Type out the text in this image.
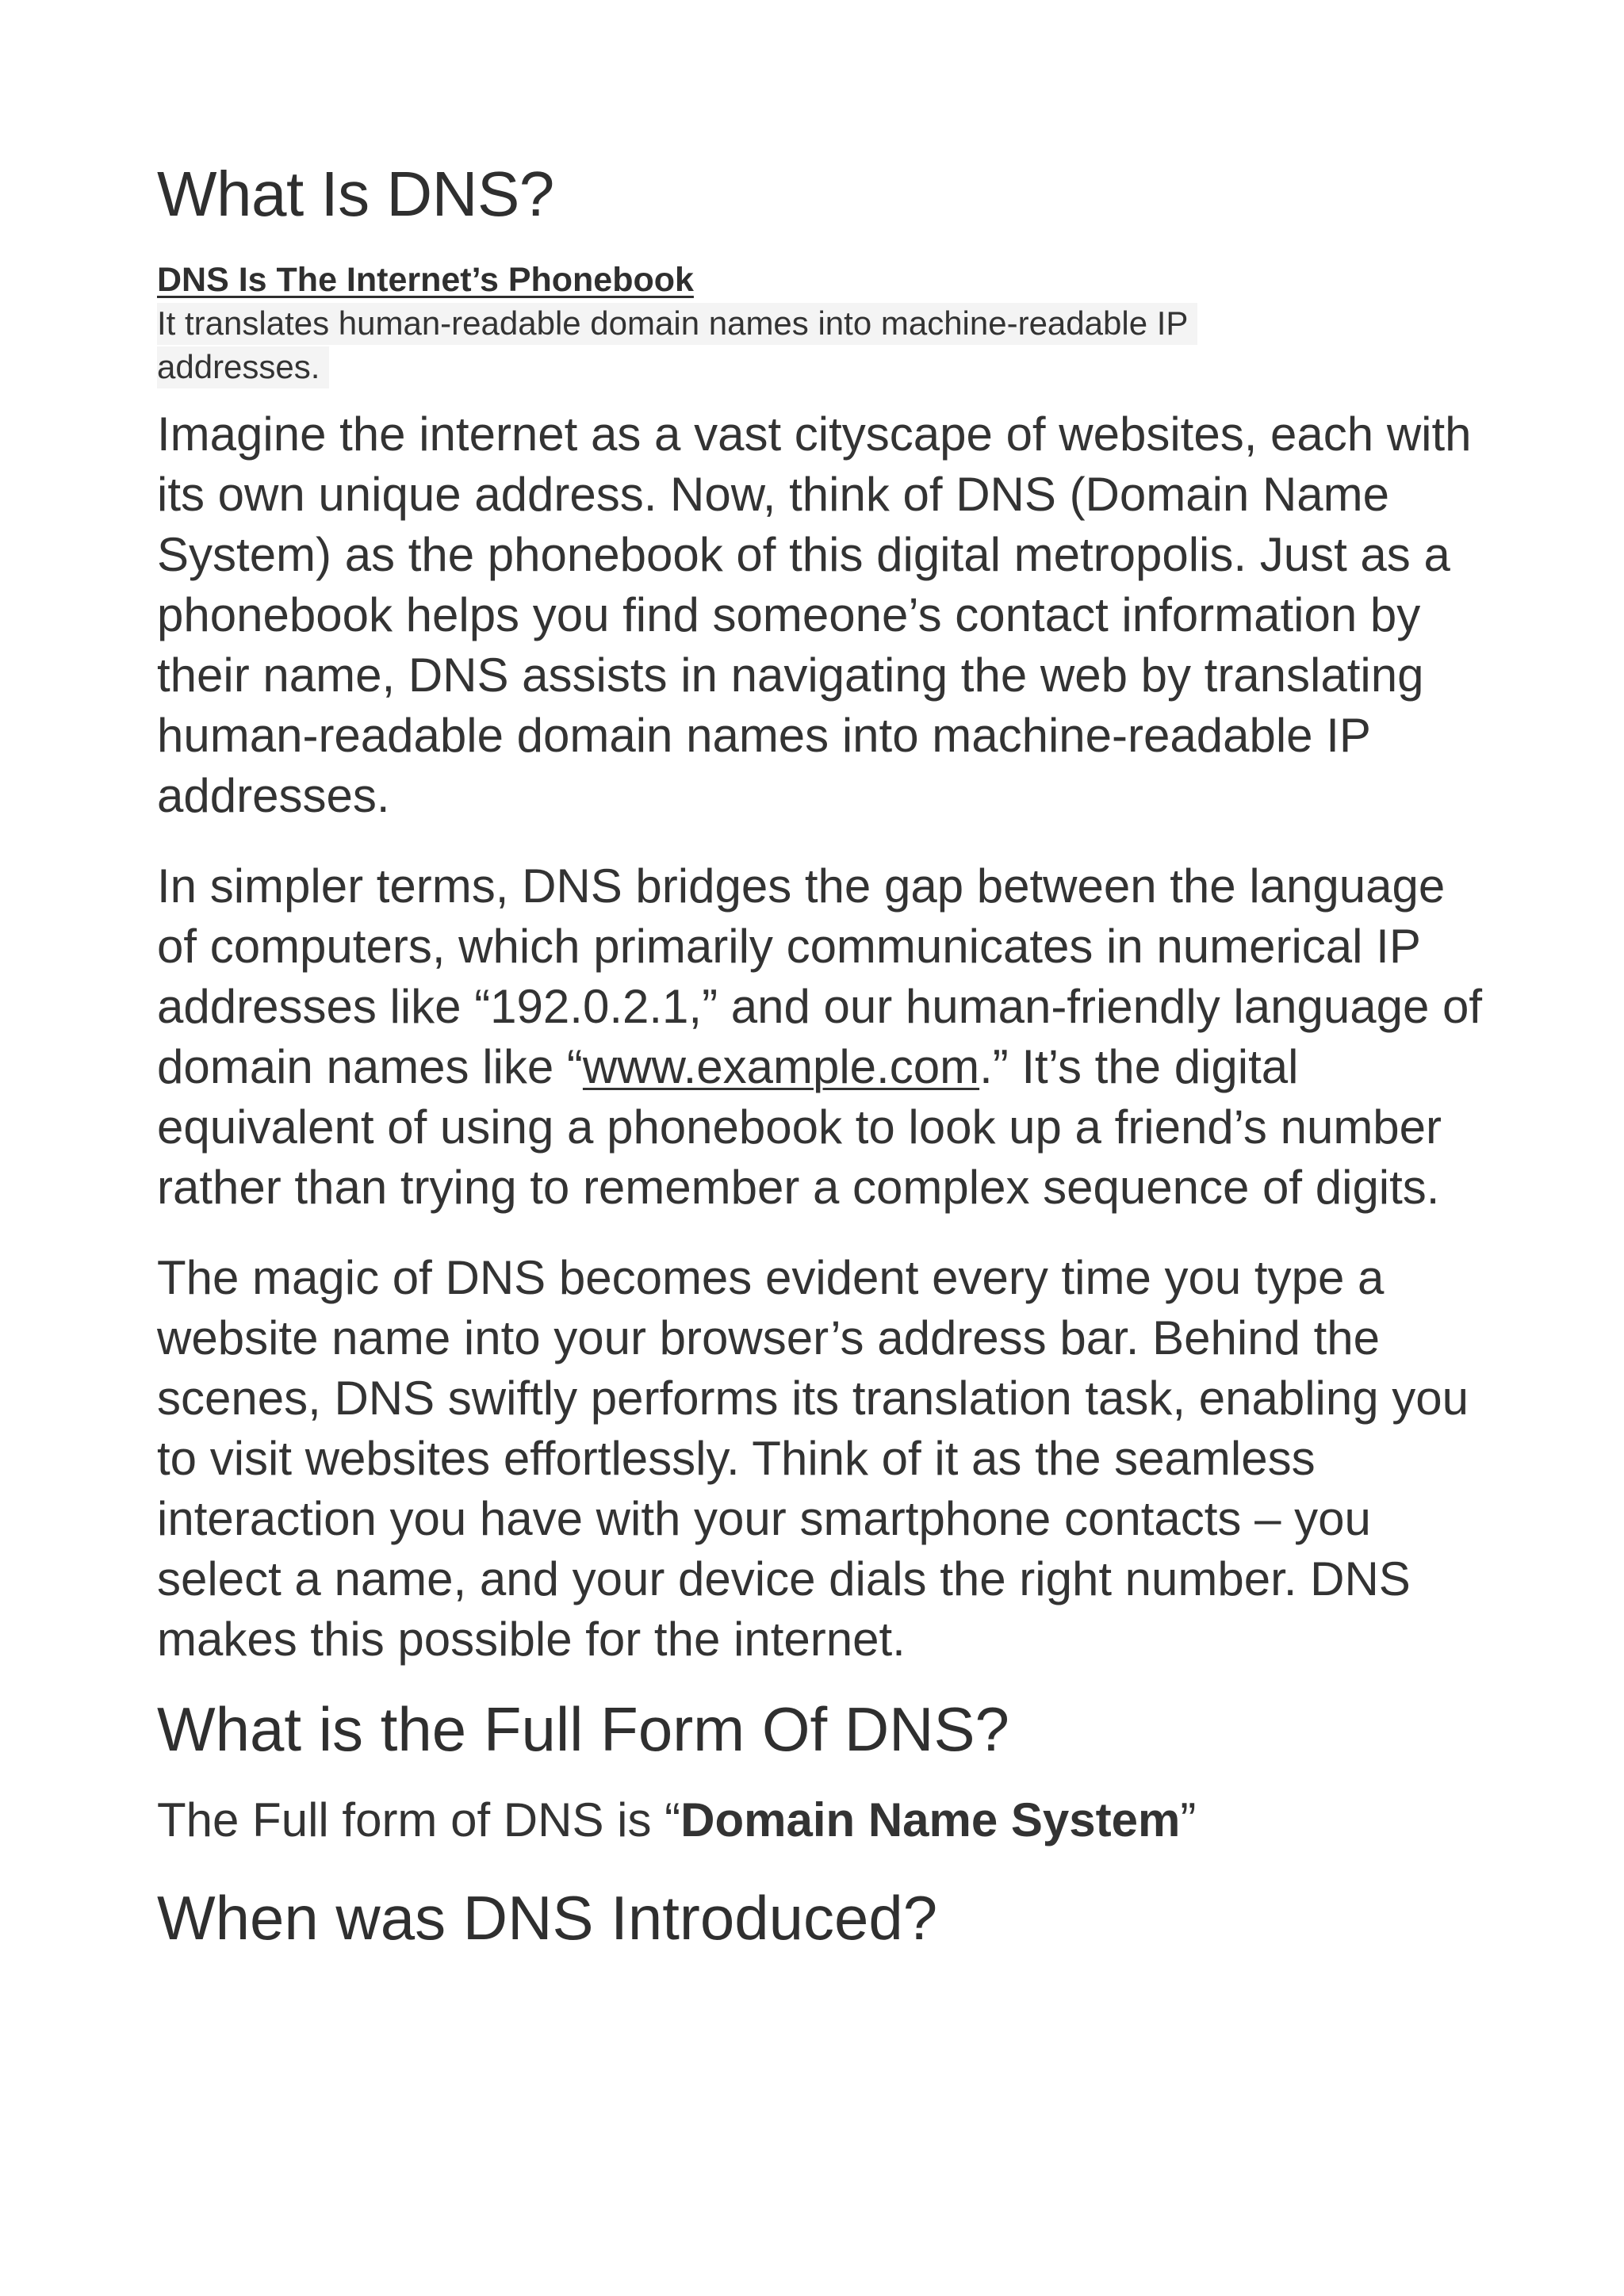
What Is DNS?
DNS Is The Internet’s Phonebook
It translates human-readable domain names into machine-readable IP addresses.

Imagine the internet as a vast cityscape of websites, each with its own unique address. Now, think of DNS (Domain Name System) as the phonebook of this digital metropolis. Just as a phonebook helps you find someone’s contact information by their name, DNS assists in navigating the web by translating human-readable domain names into machine-readable IP addresses.

In simpler terms, DNS bridges the gap between the language of computers, which primarily communicates in numerical IP addresses like “192.0.2.1,” and our human-friendly language of domain names like “www.example.com.” It’s the digital equivalent of using a phonebook to look up a friend’s number rather than trying to remember a complex sequence of digits.

The magic of DNS becomes evident every time you type a website name into your browser’s address bar. Behind the scenes, DNS swiftly performs its translation task, enabling you to visit websites effortlessly. Think of it as the seamless interaction you have with your smartphone contacts – you select a name, and your device dials the right number. DNS makes this possible for the internet.

What is the Full Form Of DNS?

The Full form of DNS is “Domain Name System”

When was DNS Introduced?
